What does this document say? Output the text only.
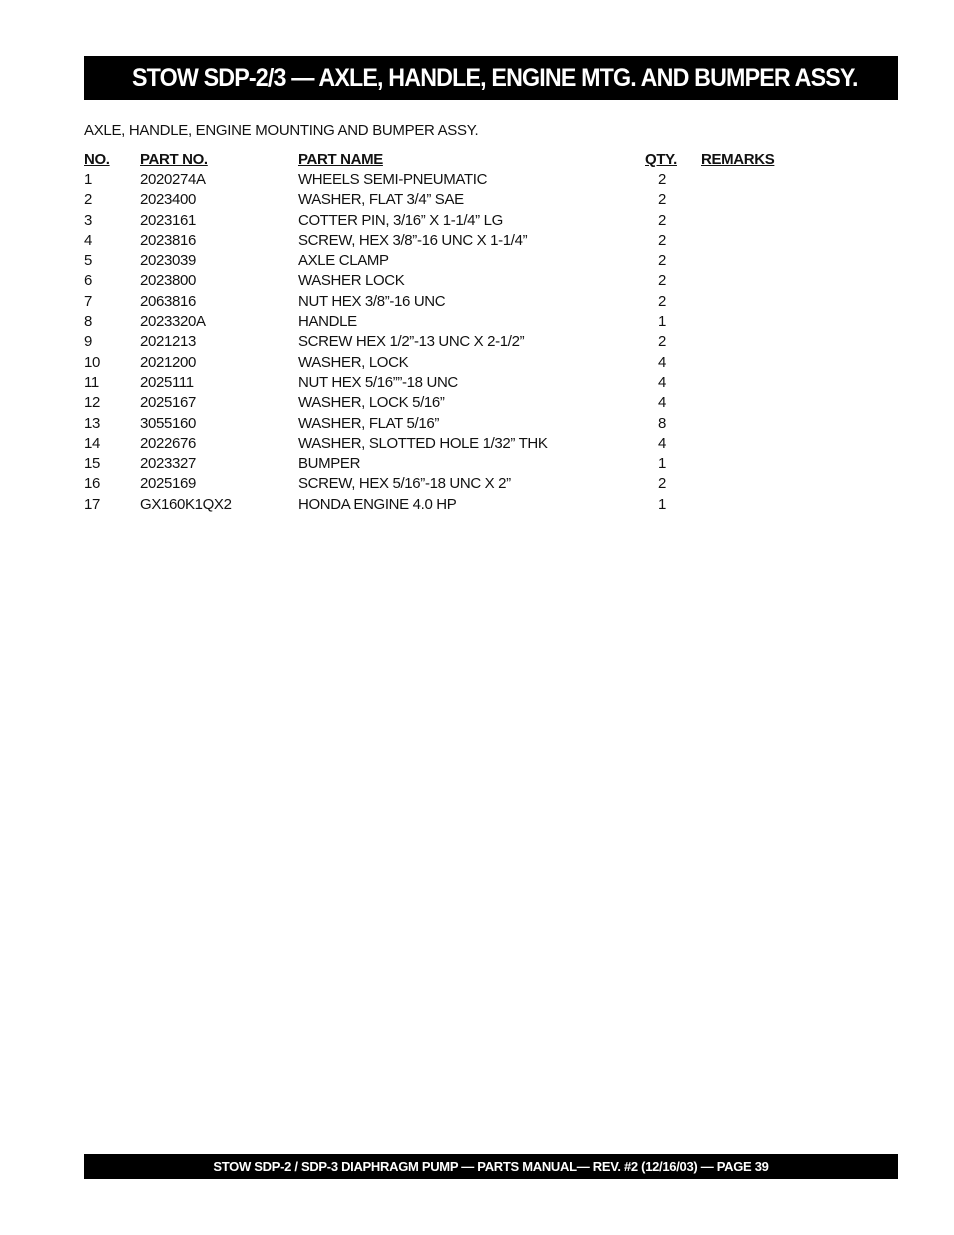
STOW SDP-2/3 — AXLE, HANDLE, ENGINE MTG. AND BUMPER ASSY.
AXLE, HANDLE, ENGINE MOUNTING AND BUMPER ASSY.
NO.	PART NO.	PART NAME	QTY.	REMARKS
1	2020274A	WHEELS SEMI-PNEUMATIC	2	
2	2023400	WASHER, FLAT 3/4” SAE	2	
3	2023161	COTTER PIN, 3/16” X 1-1/4” LG	2	
4	2023816	SCREW, HEX 3/8”-16 UNC X 1-1/4”	2	
5	2023039	AXLE CLAMP	2	
6	2023800	WASHER LOCK	2	
7	2063816	NUT HEX 3/8”-16 UNC	2	
8	2023320A	HANDLE	1	
9	2021213	SCREW HEX 1/2”-13 UNC X 2-1/2”	2	
10	2021200	WASHER, LOCK	4	
11	2025111	NUT HEX 5/16””-18 UNC	4	
12	2025167	WASHER, LOCK 5/16”	4	
13	3055160	WASHER, FLAT 5/16”	8	
14	2022676	WASHER, SLOTTED HOLE 1/32” THK	4	
15	2023327	BUMPER	1	
16	2025169	SCREW, HEX 5/16”-18 UNC X 2”	2	
17	GX160K1QX2	HONDA ENGINE 4.0 HP	1	
STOW SDP-2 / SDP-3 DIAPHRAGM PUMP — PARTS MANUAL— REV. #2 (12/16/03) — PAGE 39
